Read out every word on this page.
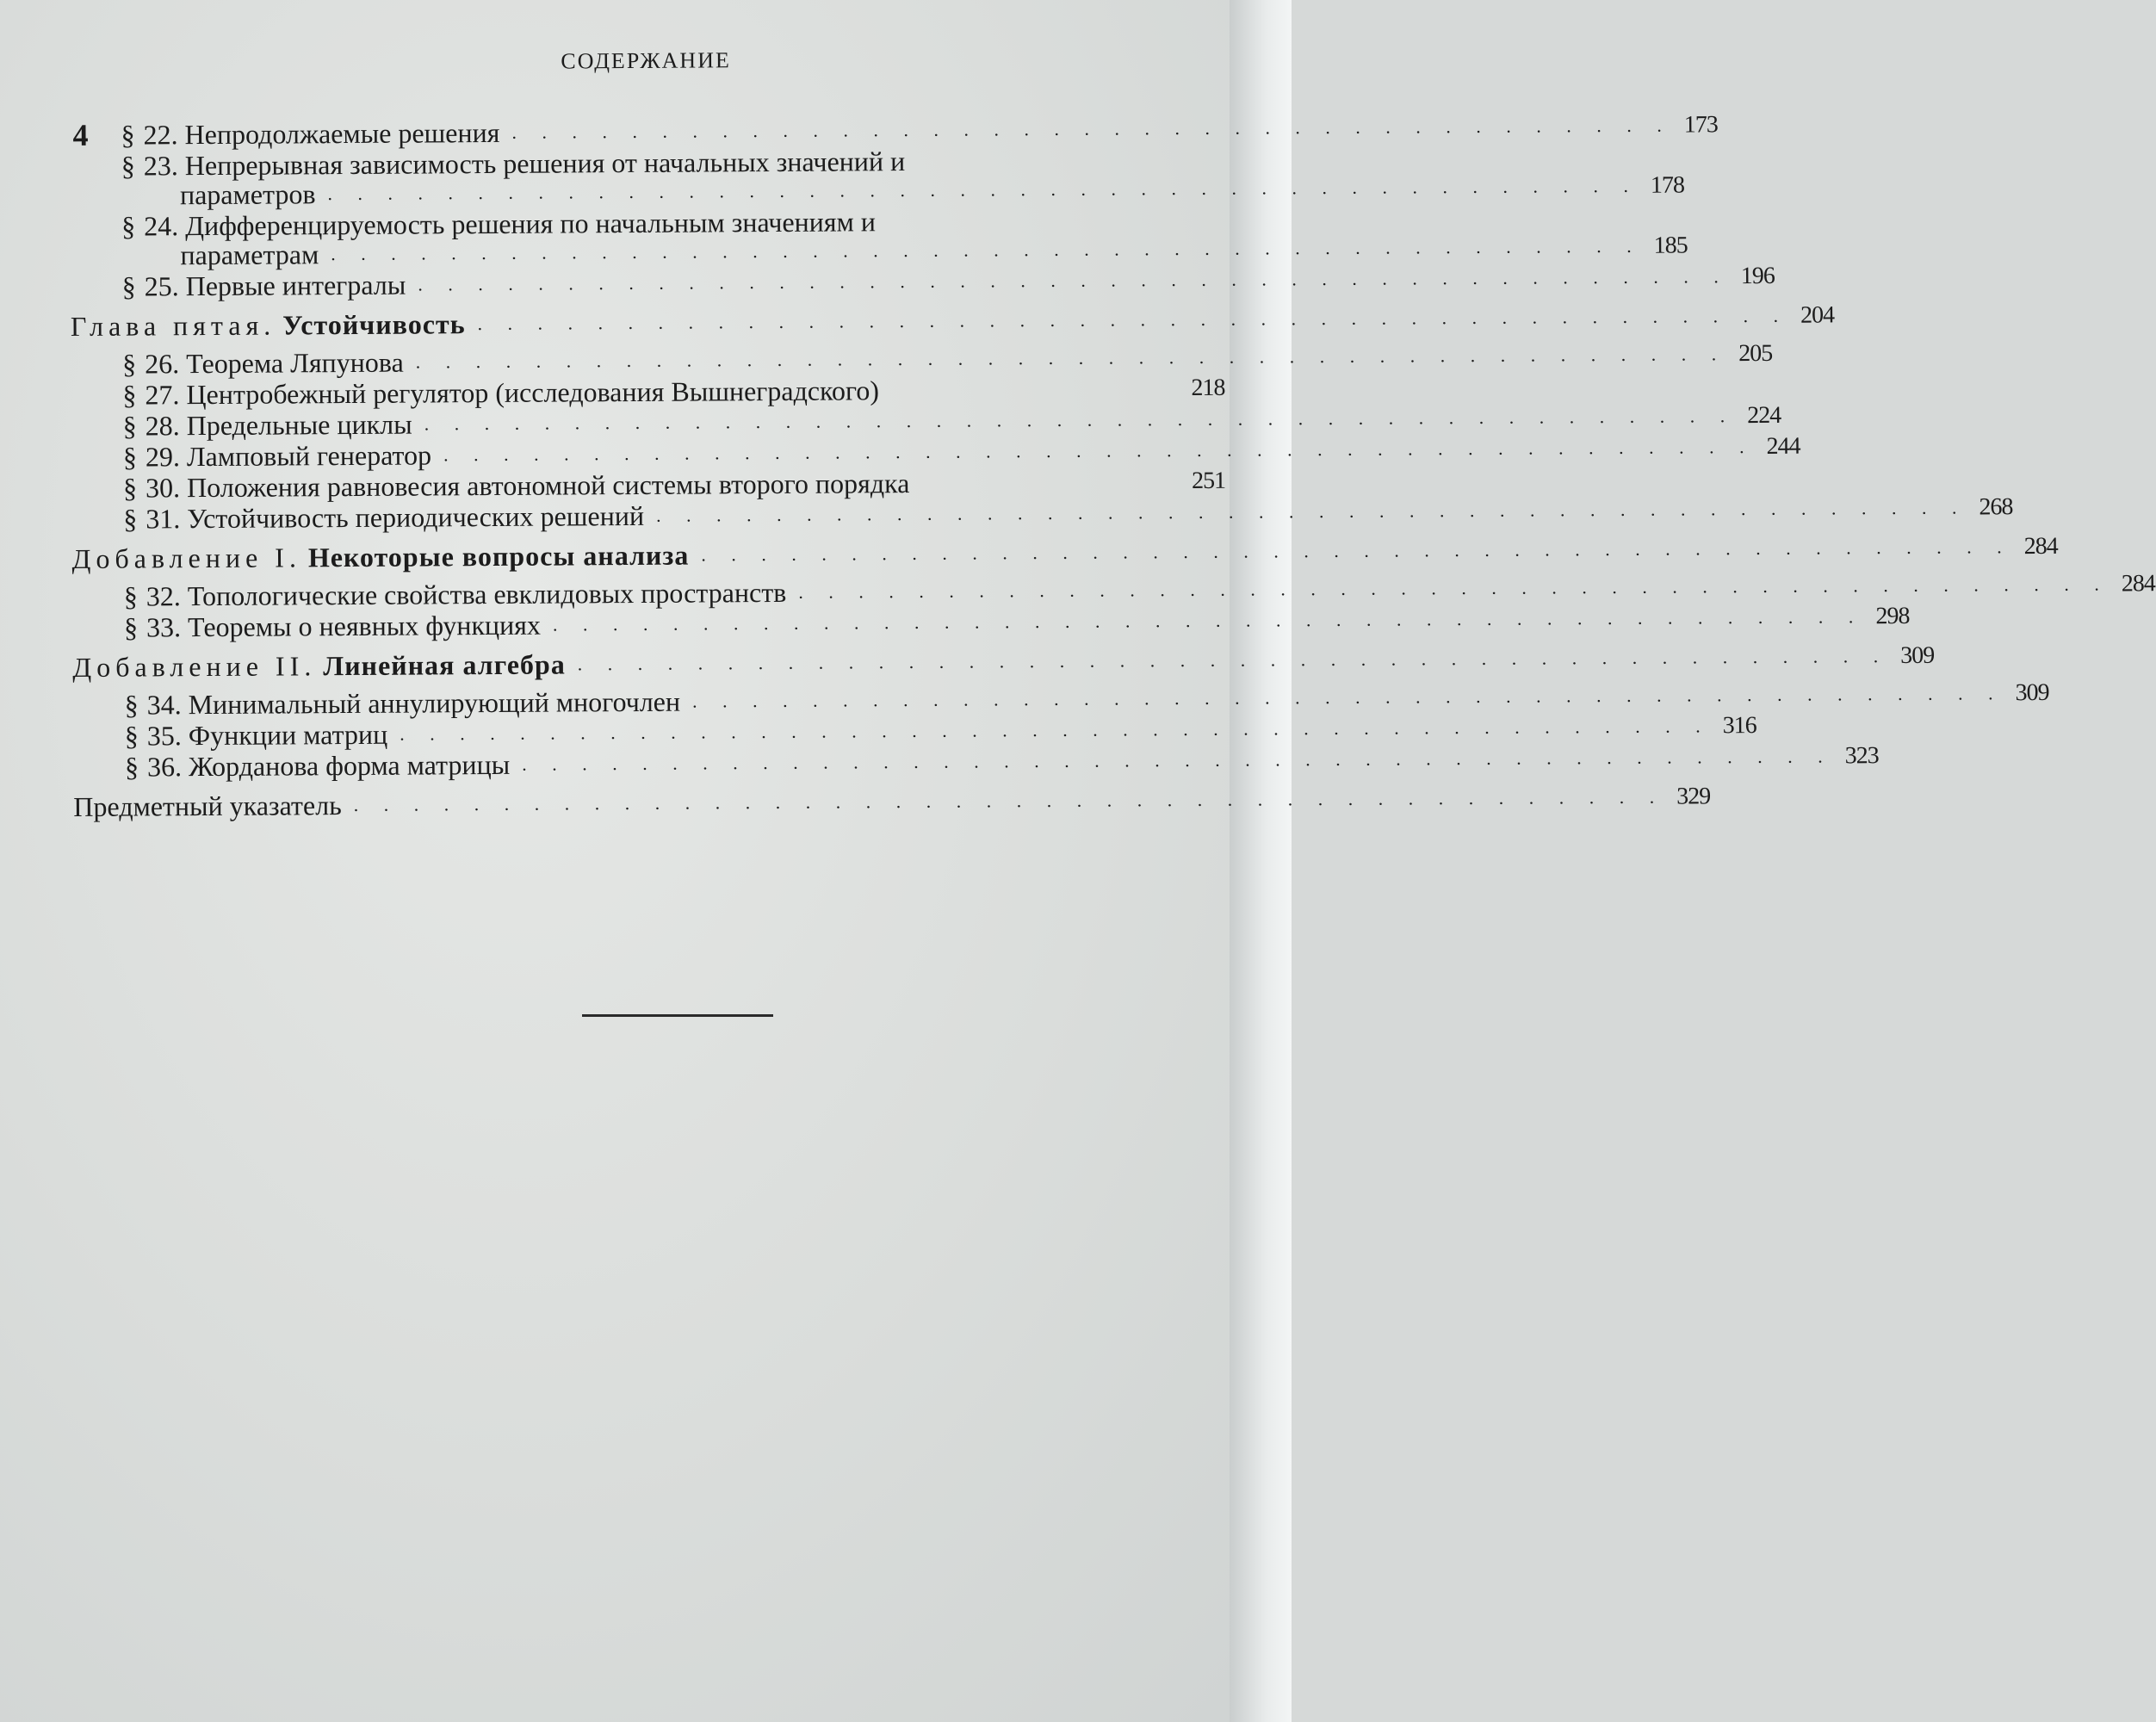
СОДЕРЖАНИЕ
4 § 22. Непродолжаемые решения . . . . . . . . . . . . . . . . . . . . . . . . . . . . . . . . . . . . . . . 173
§ 23. Непрерывная зависимость решения от начальных значений и
параметров . . . . . . . . . . . . . . . . . . . . . . . . . . . . . . . . . . . . . . . . . . . . 178
§ 24. Дифференцируемость решения по начальным значениям и
параметрам . . . . . . . . . . . . . . . . . . . . . . . . . . . . . . . . . . . . . . . . . . . . 185
§ 25. Первые интегралы . . . . . . . . . . . . . . . . . . . . . . . . . . . . . . . . . . . . . . . . . . . . 196
Глава пятая. Устойчивость . . . . . . . . . . . . . . . . . . . . . . . . . . . . . . . . . . . . . . . . . . . . 204
§ 26. Теорема Ляпунова . . . . . . . . . . . . . . . . . . . . . . . . . . . . . . . . . . . . . . . . . . . . 205
§ 27. Центробежный регулятор (исследования Вышнеградского)	218
§ 28. Предельные циклы . . . . . . . . . . . . . . . . . . . . . . . . . . . . . . . . . . . . . . . . . . . . 224
§ 29. Ламповый генератор . . . . . . . . . . . . . . . . . . . . . . . . . . . . . . . . . . . . . . . . . . . . 244
§ 30. Положения равновесия автономной системы второго порядка	251
§ 31. Устойчивость периодических решений . . . . . . . . . . . . . . . . . . . . . . . . . . . . . . . . . . . . . . . . . . . . 268
Добавление I. Некоторые вопросы анализа . . . . . . . . . . . . . . . . . . . . . . . . . . . . . . . . . . . . . . . . . . . . 284
§ 32. Топологические свойства евклидовых пространств . . . . . . . . . . . . . . . . . . . . . . . . . . . . . . . . . . . . . . . . . . . . 284
§ 33. Теоремы о неявных функциях . . . . . . . . . . . . . . . . . . . . . . . . . . . . . . . . . . . . . . . . . . . . 298
Добавление II. Линейная алгебра . . . . . . . . . . . . . . . . . . . . . . . . . . . . . . . . . . . . . . . . . . . . 309
§ 34. Минимальный аннулирующий многочлен . . . . . . . . . . . . . . . . . . . . . . . . . . . . . . . . . . . . . . . . . . . . 309
§ 35. Функции матриц . . . . . . . . . . . . . . . . . . . . . . . . . . . . . . . . . . . . . . . . . . . . 316
§ 36. Жорданова форма матрицы . . . . . . . . . . . . . . . . . . . . . . . . . . . . . . . . . . . . . . . . . . . . 323
Предметный указатель . . . . . . . . . . . . . . . . . . . . . . . . . . . . . . . . . . . . . . . . . . . . 329
